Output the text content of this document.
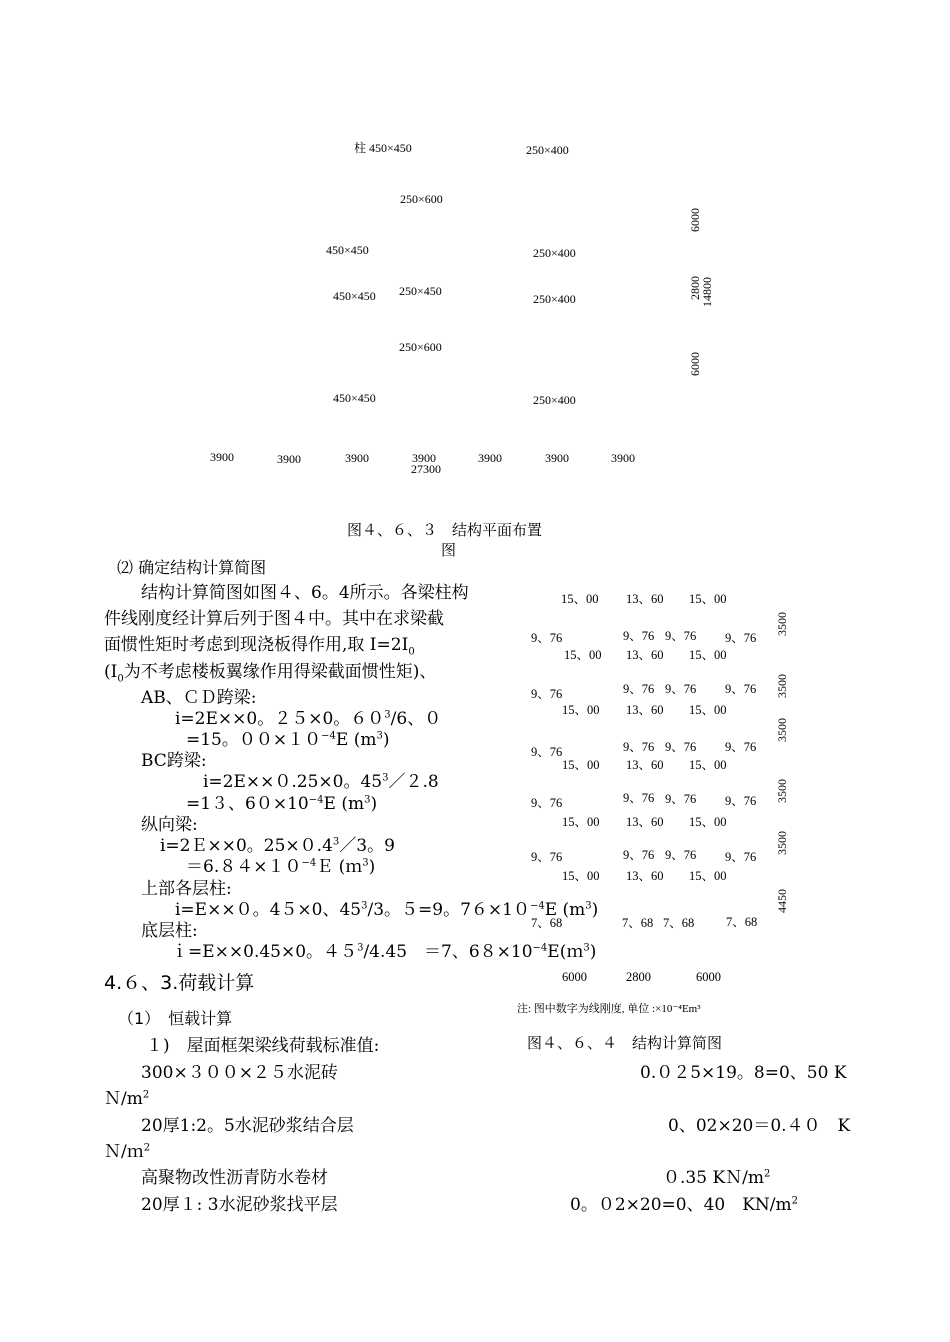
柱 450×450	250×400
250×600
450×450	250×400
450×450 250×450
250×400
250×600
450×450	250×400
3900	3900	3900	3900	3900	3900	3900
27300
6000
2800
14800
6000
图４、６、３　结构平面布置
图
⑵ 确定结构计算简图
结构计算简图如图４、6。4所示。各梁柱构
件线刚度经计算后列于图４中。其中在求梁截
面惯性矩时考虑到现浇板得作用,取 $I=2I_0$
($I_0$为不考虑楼板翼缘作用得梁截面惯性矩)、
AB、ＣＤ跨梁:
i=2E××0。２５×0。$60^3/6$、０
=15。$00\times 10^{-4}E$ $(m^3)$
BC跨梁:
i=2E××０.25×0。$45^3/2.8$
=1３、$60\times 10^{-4}E$ $(m^3)$
纵向梁:
i=2Ｅ××0。$25\times 0.4^3/3$。9
$=6.84\times 10^{-4}E$ (ｍ$^3$)
上部各层柱:
i=E××０。4５×0、$45^3/3$。５=9。$76\times 10^{-4}E$ $(m^3)$
底层柱:
ｉ=E××0.45×0。$45^3/4.45$　＝7、$68\times 10^{-4}E(m^3)$
15、00 13、60 15、00
9、76	9、76 9、76 9、76
15、00 13、60 15、00
9、76	9、76 9、76 9、76
15、00 13、60 15、00
9、76	9、76 9、76 9、76
15、00 13、60 15、00
9、76	9、76 9、76 9、76
15、00 13、60 15、00
9、76	9、76 9、76 9、76
15、00 13、60 15、00
7、68	7、68 7、68	7、68
3500
3500
3500
3500
3500
4450
6000	2800	6000
注: 图中数字为线刚度, 单位 :×10⁻⁴Em³
图４、６、４　结构计算简图
4.６、3.荷载计算
（1）　恒载计算
１)　屋面框架梁线荷载标准值:
300×３００×２５水泥砖	0.０２5×19。8=0、50 K
$N/m^2$
20厚1:2。5水泥砂浆结合层	0、02×20＝0.４０　K
Ｎ/ｍ$^2$
高聚物改性沥青防水卷材	０.35 $KN/m^2$
20厚１: 3水泥砂浆找平层	0。０2×20=0、40　$KN/m^2$
